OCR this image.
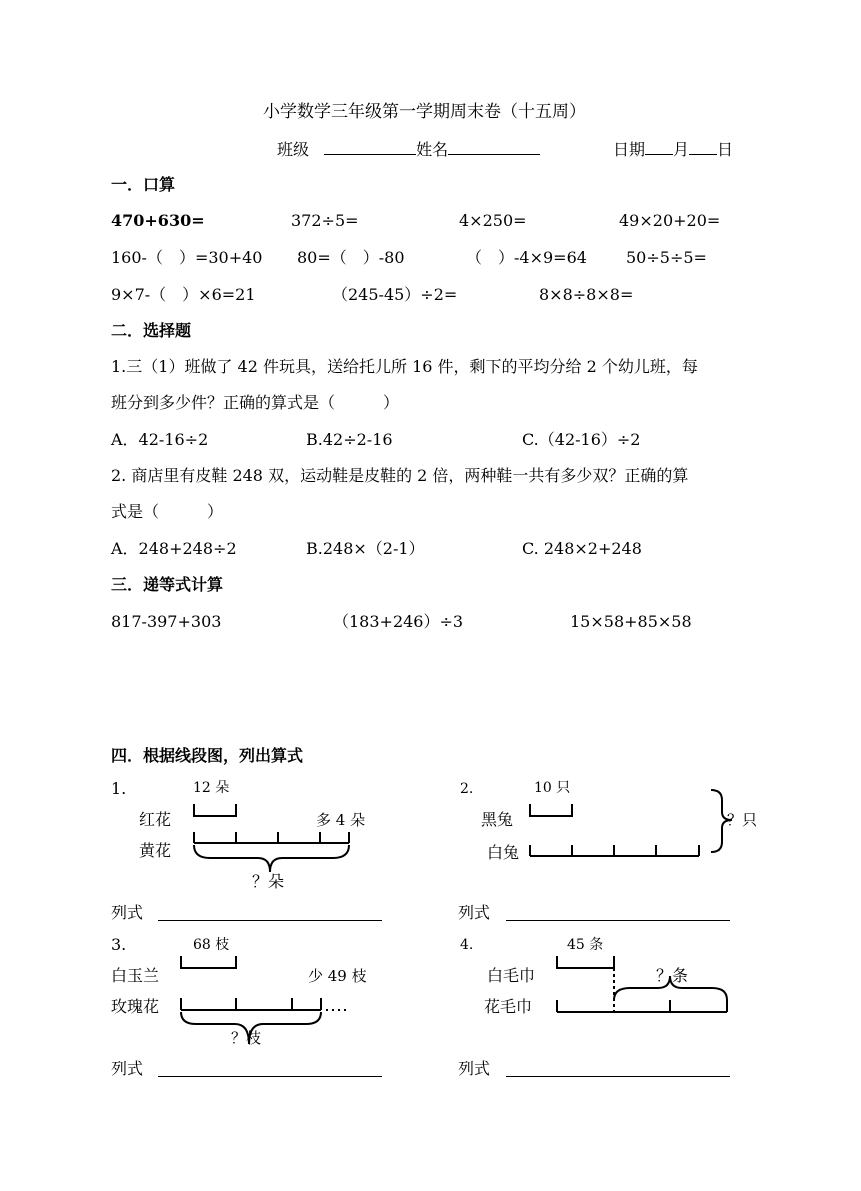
小学数学三年级第一学期周末卷（十五周）
班级	姓名	日期 月 日
一．口算
470+630=	372÷5=	4×250=	49×20+20=
160-（　）=30+40 80=（　）-80	（　）-4×9=64 50÷5÷5=
9×7-（　）×6=21	（245-45）÷2=	8×8÷8×8=
二．选择题
1.三（1）班做了 42 件玩具，送给托儿所 16 件，剩下的平均分给 2 个幼儿班，每
班分到多少件？正确的算式是（　　　）
A．42-16÷2	B.42÷2-16	C.（42-16）÷2
2. 商店里有皮鞋 248 双，运动鞋是皮鞋的 2 倍，两种鞋一共有多少双？正确的算
式是（　　　）
A．248+248÷2	B.248×（2-1）	C. 248×2+248
三．递等式计算
817-397+303	（183+246）÷3	15×58+85×58
四．根据线段图，列出算式
1.	12 朵
红花	多 4 朵
黄花
？朵
列式
2.	10 只
黑兔
白兔
？只
列式
3.	68 枝
白玉兰	少 49 枝
玫瑰花
？枝
列式
4.	45 条
白毛巾
花毛巾
？条
列式
